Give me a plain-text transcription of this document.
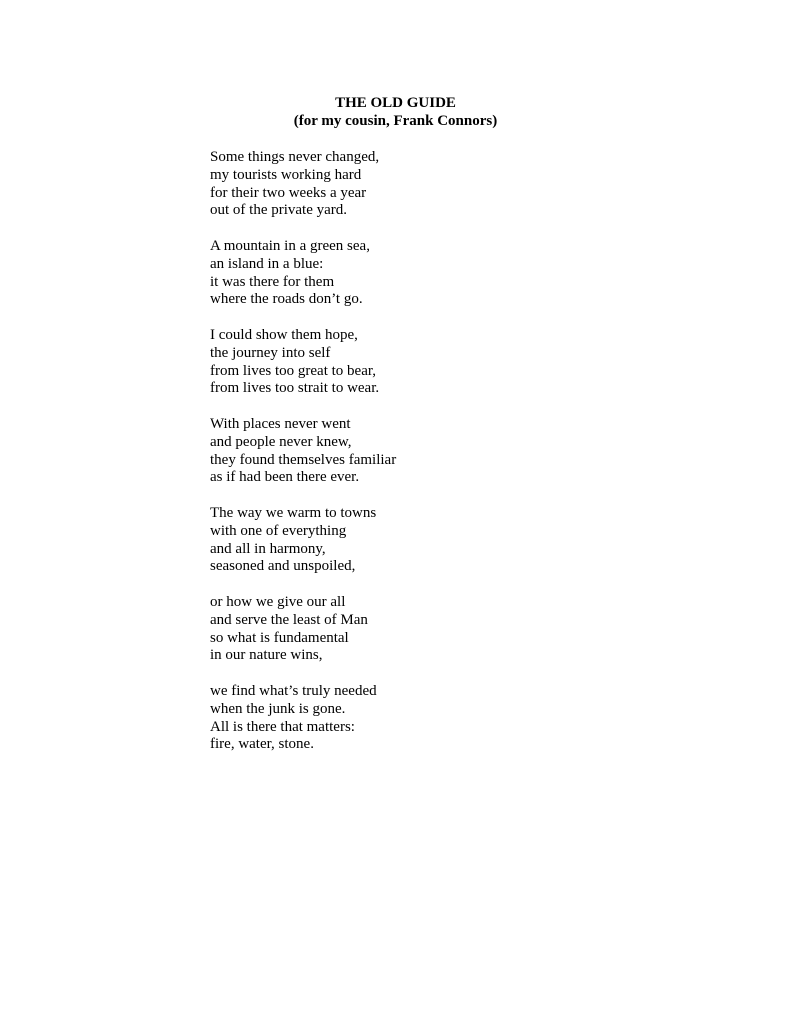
THE OLD GUIDE
(for my cousin, Frank Connors)
Some things never changed,
my tourists working hard
for their two weeks a year
out of the private yard.
A mountain in a green sea,
an island in a blue:
it was there for them
where the roads don’t go.
I could show them hope,
the journey into self
from lives too great to bear,
from lives too strait to wear.
With places never went
and people never knew,
they found themselves familiar
as if had been there ever.
The way we warm to towns
with one of everything
and all in harmony,
seasoned and unspoiled,
or how we give our all
and serve the least of Man
so what is fundamental
in our nature wins,
we find what’s truly needed
when the junk is gone.
All is there that matters:
fire, water, stone.
